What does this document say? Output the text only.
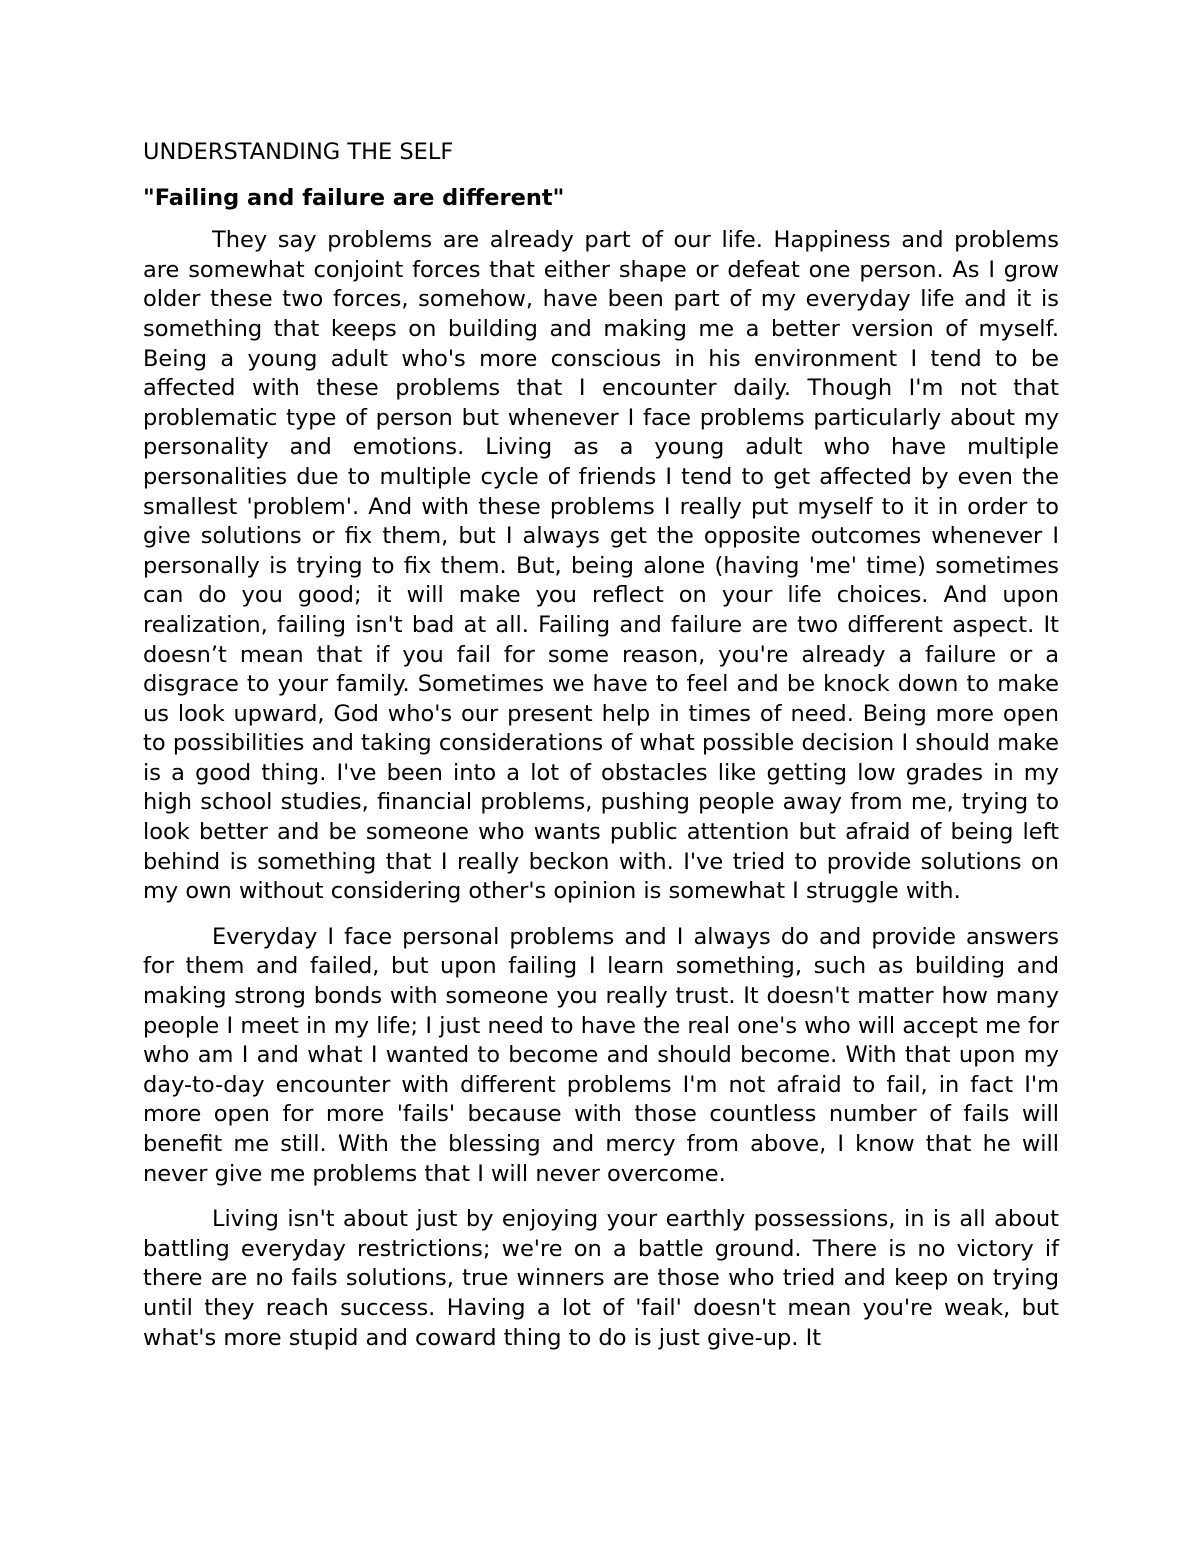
UNDERSTANDING THE SELF
"Failing and failure are different"

They say problems are already part of our life. Happiness and problems are somewhat conjoint forces that either shape or defeat one person. As I grow older these two forces, somehow, have been part of my everyday life and it is something that keeps on building and making me a better version of myself. Being a young adult who's more conscious in his environment I tend to be affected with these problems that I encounter daily. Though I'm not that problematic type of person but whenever I face problems particularly about my personality and emotions. Living as a young adult who have multiple personalities due to multiple cycle of friends I tend to get affected by even the smallest 'problem'. And with these problems I really put myself to it in order to give solutions or fix them, but I always get the opposite outcomes whenever I personally is trying to fix them. But, being alone (having 'me' time) sometimes can do you good; it will make you reflect on your life choices. And upon realization, failing isn't bad at all. Failing and failure are two different aspect. It doesn’t mean that if you fail for some reason, you're already a failure or a disgrace to your family. Sometimes we have to feel and be knock down to make us look upward, God who's our present help in times of need. Being more open to possibilities and taking considerations of what possible decision I should make is a good thing. I've been into a lot of obstacles like getting low grades in my high school studies, financial problems, pushing people away from me, trying to look better and be someone who wants public attention but afraid of being left behind is something that I really beckon with. I've tried to provide solutions on my own without considering other's opinion is somewhat I struggle with.

Everyday I face personal problems and I always do and provide answers for them and failed, but upon failing I learn something, such as building and making strong bonds with someone you really trust. It doesn't matter how many people I meet in my life; I just need to have the real one's who will accept me for who am I and what I wanted to become and should become. With that upon my day-to-day encounter with different problems I'm not afraid to fail, in fact I'm more open for more 'fails' because with those countless number of fails will benefit me still. With the blessing and mercy from above, I know that he will never give me problems that I will never overcome.

Living isn't about just by enjoying your earthly possessions, in is all about battling everyday restrictions; we're on a battle ground. There is no victory if there are no fails solutions, true winners are those who tried and keep on trying until they reach success. Having a lot of 'fail' doesn't mean you're weak, but what's more stupid and coward thing to do is just give-up. It
